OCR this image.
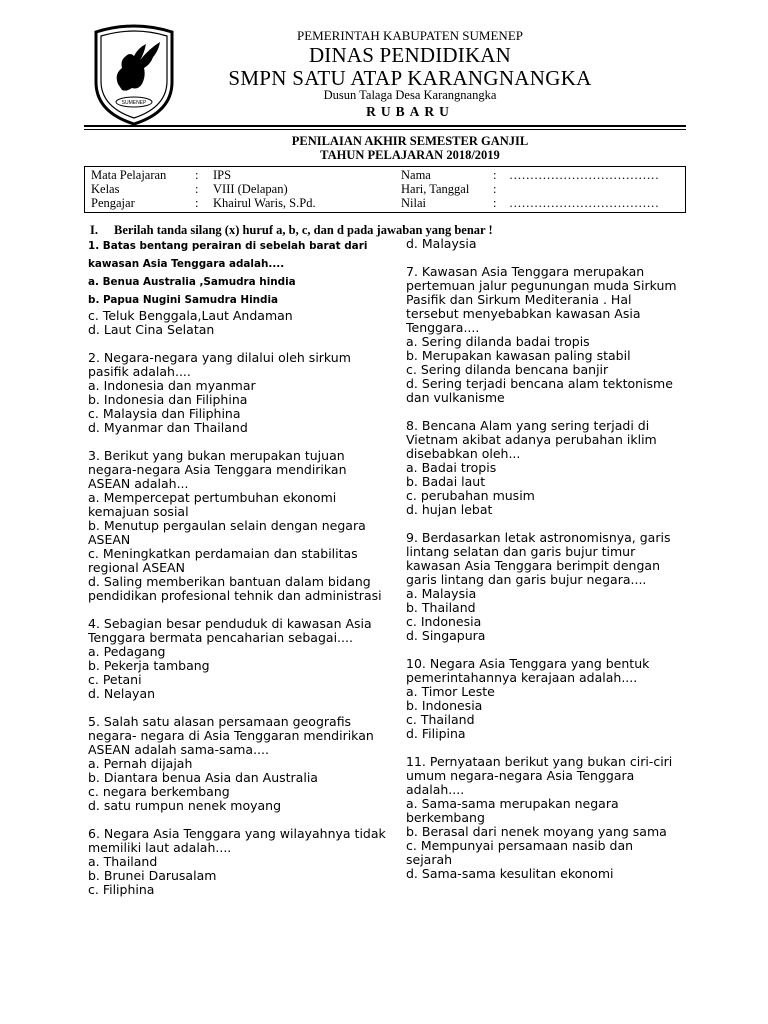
SUMENEP
PEMERINTAH KABUPATEN SUMENEP
DINAS PENDIDIKAN
SMPN SATU ATAP KARANGNANGKA
Dusun Talaga Desa Karangnangka
RUBARU
PENILAIAN AKHIR SEMESTER GANJIL
TAHUN PELAJARAN 2018/2019
Mata Pelajaran : IPS	Nama	: ………………………………
Kelas	: VIII (Delapan)	Hari, Tanggal :
Pengajar	: Khairul Waris, S.Pd.	Nilai	: ………………………………
I. Berilah tanda silang (x) huruf a, b, c, dan d pada jawaban yang benar !

1. Batas bentang perairan di sebelah barat dari kawasan Asia Tenggara adalah....

a. Benua Australia ,Samudra hindia

b. Papua Nugini Samudra Hindia

c. Teluk Benggala,Laut Andaman

d. Laut Cina Selatan

2. Negara-negara yang dilalui oleh sirkum pasifik adalah....

a. Indonesia dan myanmar

b. Indonesia dan Filiphina

c. Malaysia dan Filiphina

d. Myanmar dan Thailand

3. Berikut yang bukan merupakan tujuan negara-negara Asia Tenggara mendirikan ASEAN adalah...

a. Mempercepat pertumbuhan ekonomi kemajuan sosial

b. Menutup pergaulan selain dengan negara ASEAN

c. Meningkatkan perdamaian dan stabilitas regional ASEAN

d. Saling memberikan bantuan dalam bidang pendidikan profesional tehnik dan administrasi

4. Sebagian besar penduduk di kawasan Asia Tenggara bermata pencaharian sebagai....

a. Pedagang

b. Pekerja tambang

c. Petani

d. Nelayan

5. Salah satu alasan persamaan geografis negara- negara di Asia Tenggaran mendirikan ASEAN adalah sama-sama....

a. Pernah dijajah

b. Diantara benua Asia dan Australia

c. negara berkembang

d. satu rumpun nenek moyang

6. Negara Asia Tenggara yang wilayahnya tidak memiliki laut adalah....

a. Thailand

b. Brunei Darusalam

c. Filiphina

d. Malaysia

7. Kawasan Asia Tenggara merupakan pertemuan jalur pegunungan muda Sirkum Pasifik dan Sirkum Mediterania . Hal tersebut menyebabkan kawasan Asia Tenggara....

a. Sering dilanda badai tropis

b. Merupakan kawasan paling stabil

c. Sering dilanda bencana banjir

d. Sering terjadi bencana alam tektonisme dan vulkanisme

8. Bencana Alam yang sering terjadi di Vietnam akibat adanya perubahan iklim disebabkan oleh...

a. Badai tropis

b. Badai laut

c. perubahan musim

d. hujan lebat

9. Berdasarkan letak astronomisnya, garis lintang selatan dan garis bujur timur kawasan Asia Tenggara berimpit dengan garis lintang dan garis bujur negara....

a. Malaysia

b. Thailand

c. Indonesia

d. Singapura

10. Negara Asia Tenggara yang bentuk pemerintahannya kerajaan adalah....

a. Timor Leste

b. Indonesia

c. Thailand

d. Filipina

11. Pernyataan berikut yang bukan ciri-ciri umum negara-negara Asia Tenggara adalah....

a. Sama-sama merupakan negara berkembang

b. Berasal dari nenek moyang yang sama

c. Mempunyai persamaan nasib dan sejarah

d. Sama-sama kesulitan ekonomi
